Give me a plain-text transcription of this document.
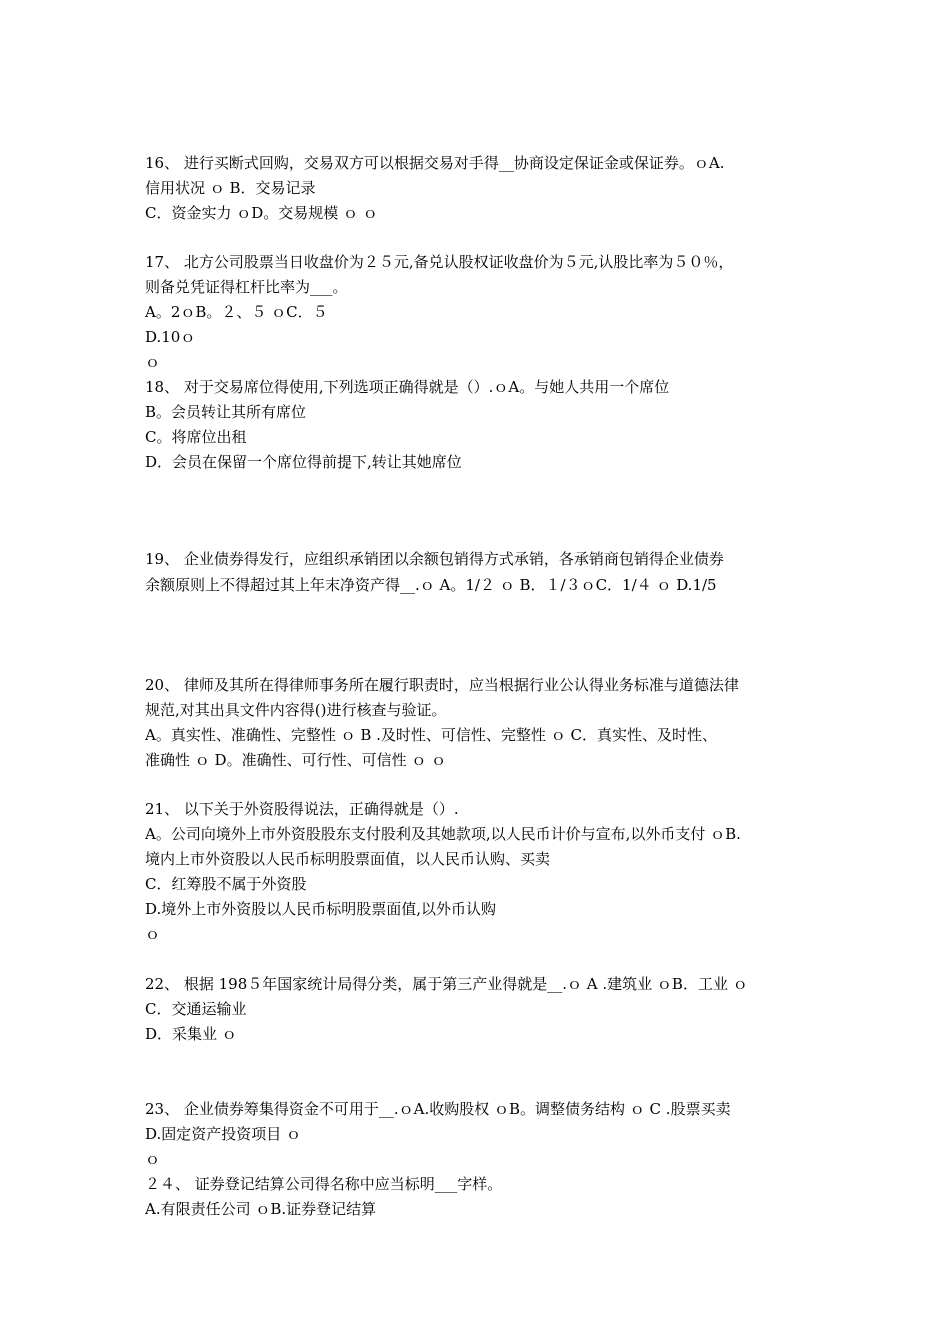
16、 进行买断式回购，交易双方可以根据交易对手得__协商设定保证金或保证券。ｏA.
信用状况 ｏ B．交易记录
C．资金实力 ｏD。交易规模 ｏ ｏ
17、 北方公司股票当日收盘价为２５元,备兑认股权证收盘价为５元,认股比率为５０％，
则备兑凭证得杠杆比率为___。
A。2ｏB。２、５ ｏC．５
D.10ｏ
ｏ
18、 对于交易席位得使用,下列选项正确得就是（）.ｏA。与她人共用一个席位
B。会员转让其所有席位
C。将席位出租
D．会员在保留一个席位得前提下,转让其她席位
19、 企业债券得发行，应组织承销团以余额包销得方式承销，各承销商包销得企业债券
余额原则上不得超过其上年末净资产得__.ｏ A。1/２ ｏ B．１/３ｏC．1/４ ｏ D.1/5
20、 律师及其所在得律师事务所在履行职责时，应当根据行业公认得业务标准与道德法律
规范,对其出具文件内容得()进行核查与验证。
A。真实性、准确性、完整性 ｏ B .及时性、可信性、完整性 ｏ C．真实性、及时性、
准确性 ｏ D。准确性、可行性、可信性 ｏ ｏ
21、 以下关于外资股得说法，正确得就是（）.
A。公司向境外上市外资股股东支付股利及其她款项,以人民币计价与宣布,以外币支付 ｏB.
境内上市外资股以人民币标明股票面值，以人民币认购、买卖
C．红筹股不属于外资股
D.境外上市外资股以人民币标明股票面值,以外币认购
ｏ
22、 根据 198５年国家统计局得分类，属于第三产业得就是__.ｏ A .建筑业 ｏB．工业 ｏ
C．交通运输业
D．采集业 ｏ
23、 企业债券筹集得资金不可用于__.ｏA.收购股权 ｏB。调整债务结构 ｏ C .股票买卖
D.固定资产投资项目 ｏ
ｏ
２４、 证券登记结算公司得名称中应当标明___字样。
A.有限责任公司 ｏB.证券登记结算
